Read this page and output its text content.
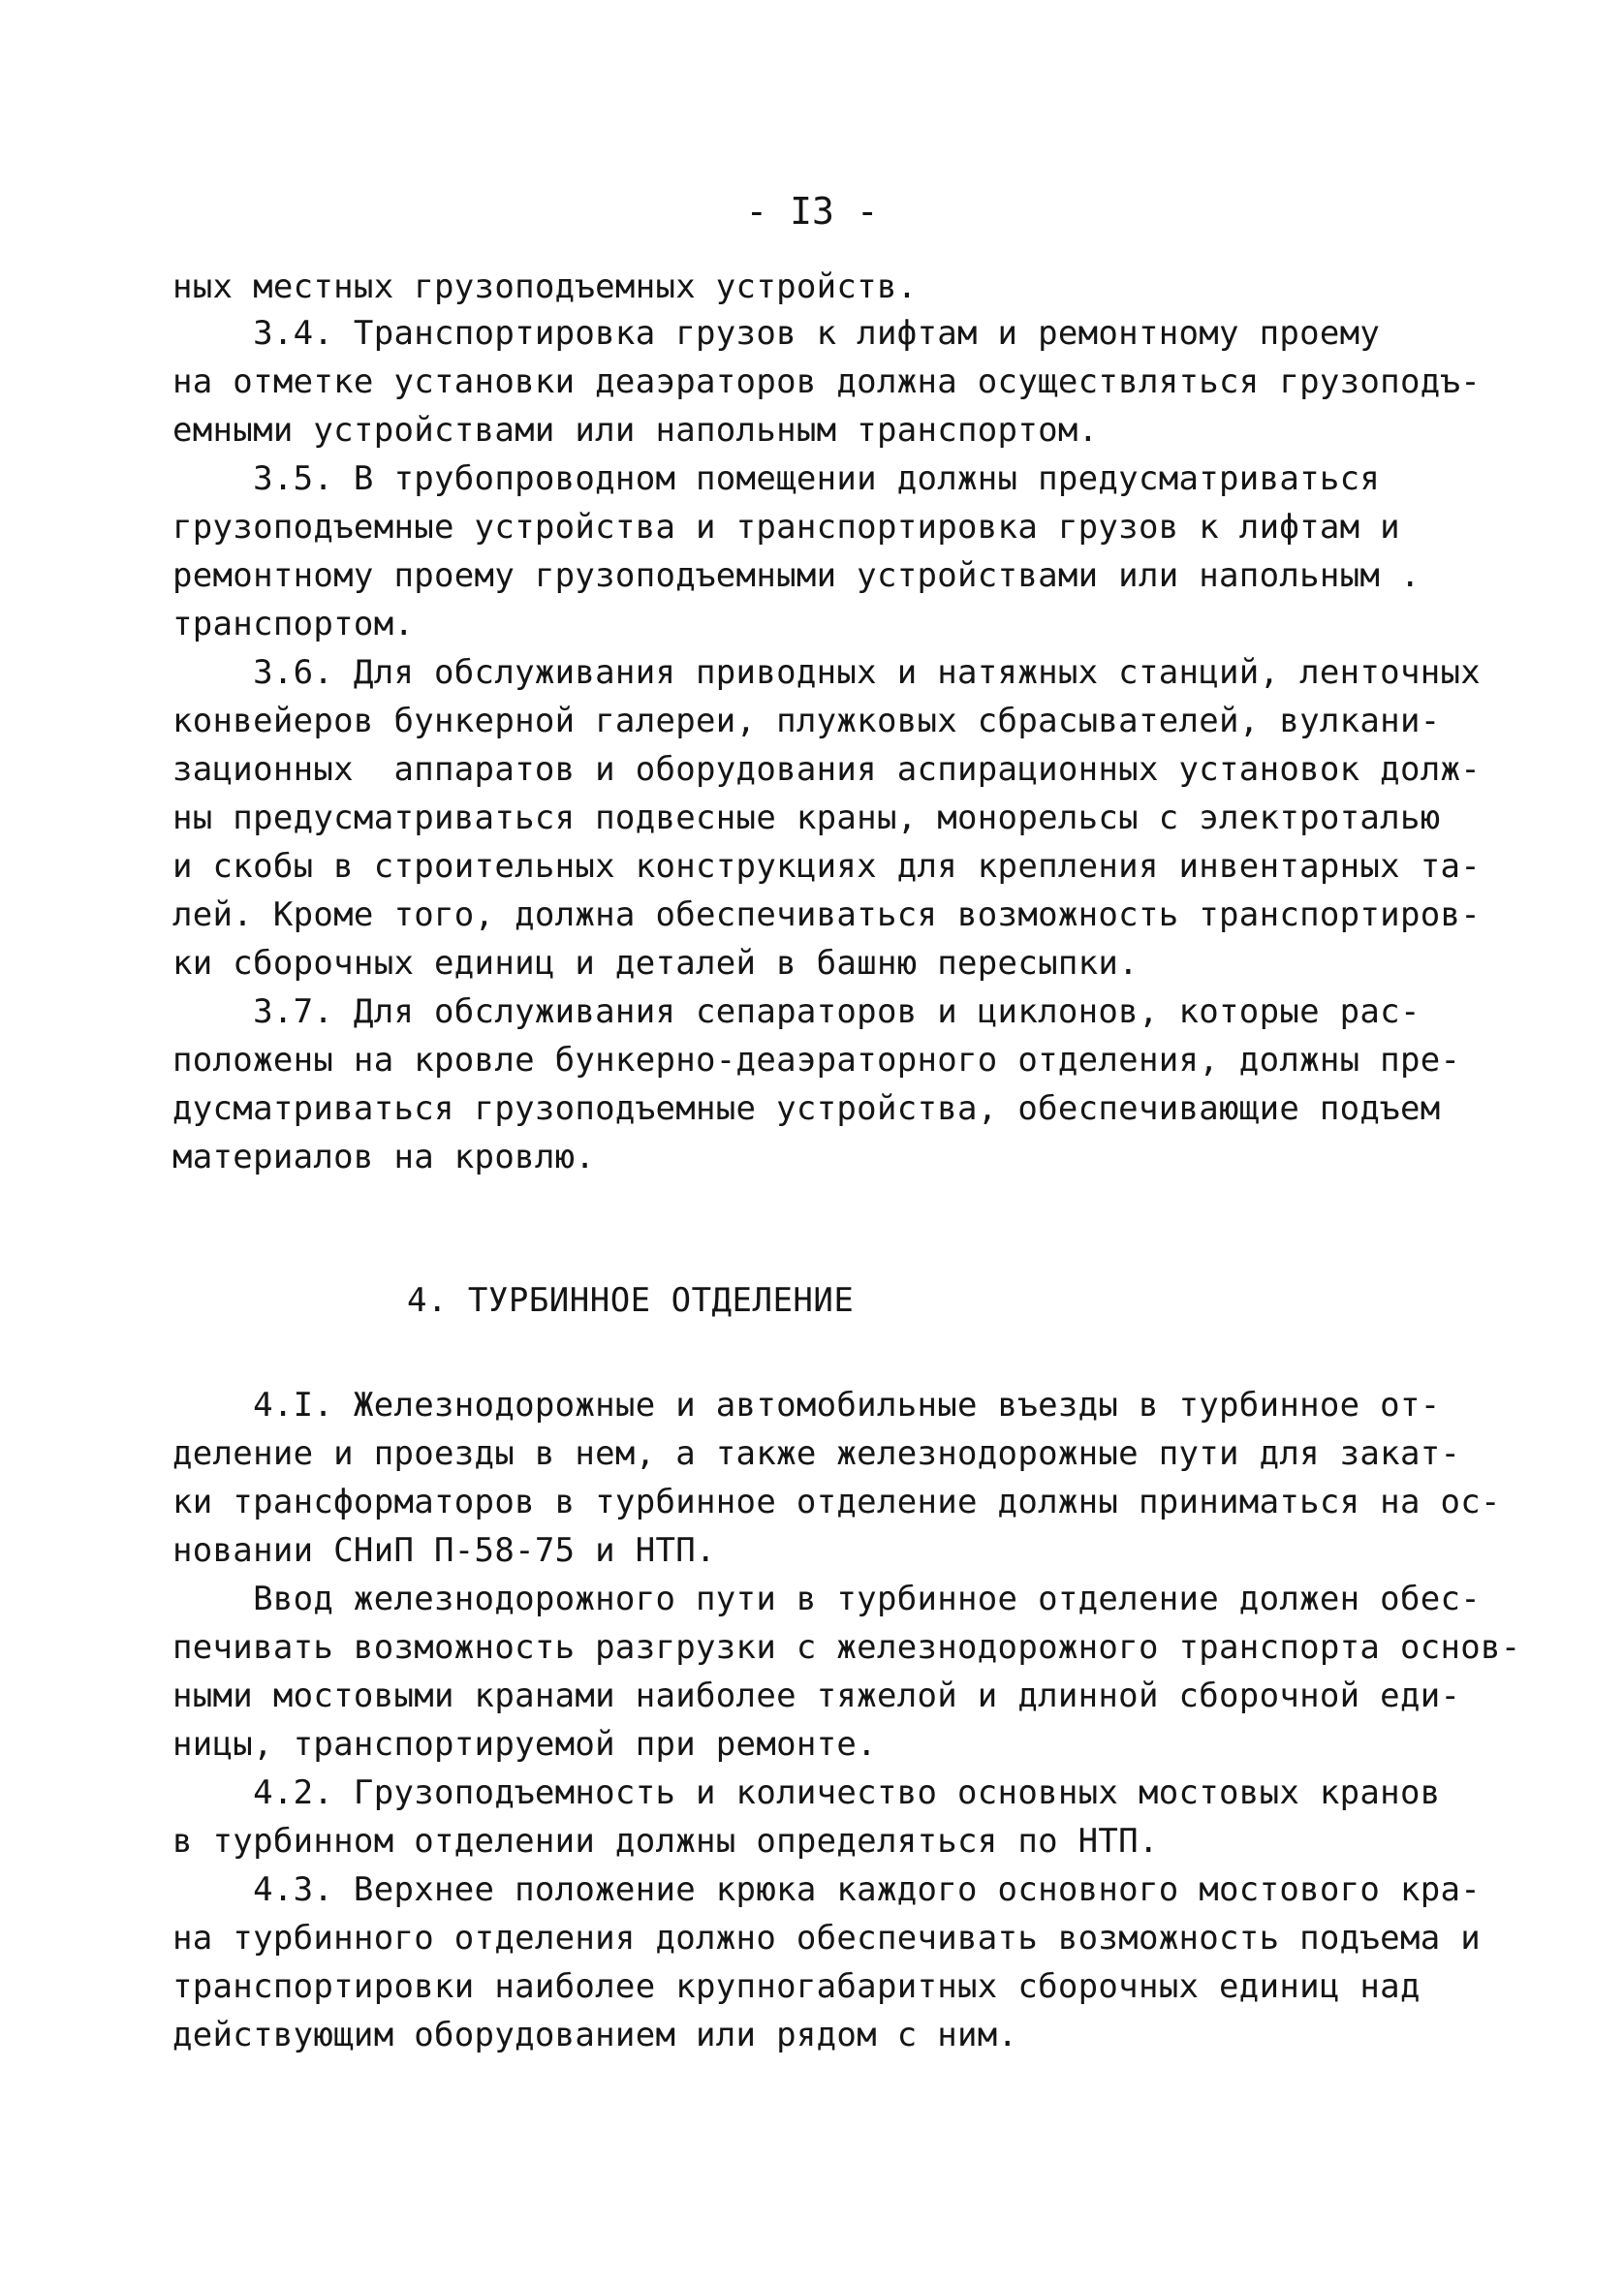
- I3 -
ных местных грузоподъемных устройств.
3.4. Транспортировка грузов к лифтам и ремонтному проему
на отметке установки деаэраторов должна осуществляться грузоподъ-
емными устройствами или напольным транспортом.
3.5. В трубопроводном помещении должны предусматриваться
грузоподъемные устройства и транспортировка грузов к лифтам и
ремонтному проему грузоподъемными устройствами или напольным .
транспортом.
3.6. Для обслуживания приводных и натяжных станций, ленточных
конвейеров бункерной галереи, плужковых сбрасывателей, вулкани-
зационных  аппаратов и оборудования аспирационных установок долж-
ны предусматриваться подвесные краны, монорельсы с электроталью
и скобы в строительных конструкциях для крепления инвентарных та-
лей. Кроме того, должна обеспечиваться возможность транспортиров-
ки сборочных единиц и деталей в башню пересыпки.
3.7. Для обслуживания сепараторов и циклонов, которые рас-
положены на кровле бункерно-деаэраторного отделения, должны пре-
дусматриваться грузоподъемные устройства, обеспечивающие подъем
материалов на кровлю.
4. ТУРБИННОЕ ОТДЕЛЕНИЕ
4.I. Железнодорожные и автомобильные въезды в турбинное от-
деление и проезды в нем, а также железнодорожные пути для закат-
ки трансформаторов в турбинное отделение должны приниматься на ос-
новании СНиП П-58-75 и НТП.
Ввод железнодорожного пути в турбинное отделение должен обес-
печивать возможность разгрузки с железнодорожного транспорта основ-
ными мостовыми кранами наиболее тяжелой и длинной сборочной еди-
ницы, транспортируемой при ремонте.
4.2. Грузоподъемность и количество основных мостовых кранов
в турбинном отделении должны определяться по НТП.
4.3. Верхнее положение крюка каждого основного мостового кра-
на турбинного отделения должно обеспечивать возможность подъема и
транспортировки наиболее крупногабаритных сборочных единиц над
действующим оборудованием или рядом с ним.
